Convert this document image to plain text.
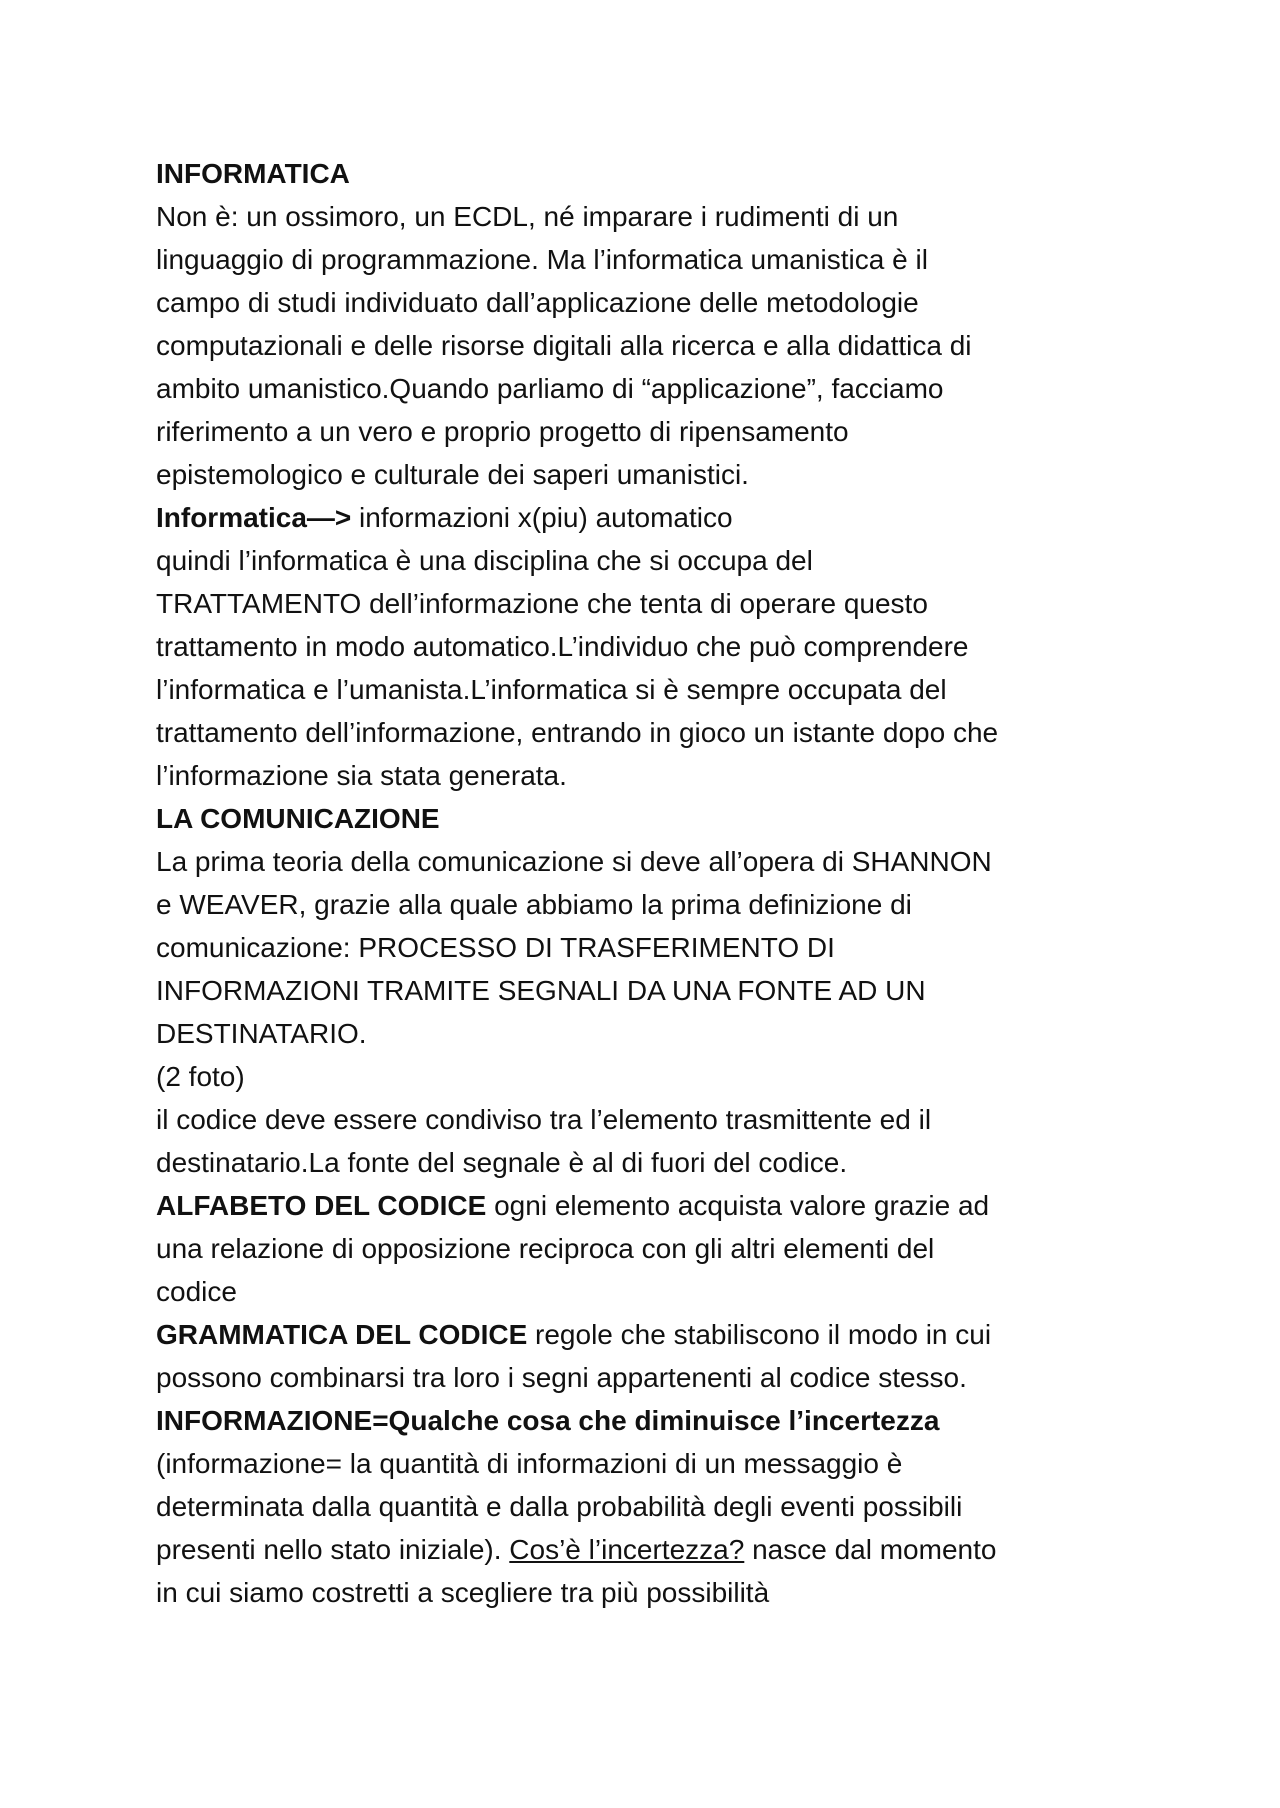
INFORMATICA
Non è: un ossimoro, un ECDL, né imparare i rudimenti di un
linguaggio di programmazione. Ma l’informatica umanistica è il
campo di studi individuato dall’applicazione delle metodologie
computazionali e delle risorse digitali alla ricerca e alla didattica di
ambito umanistico.Quando parliamo di “applicazione”, facciamo
riferimento a un vero e proprio progetto di ripensamento
epistemologico e culturale dei saperi umanistici.
Informatica—> informazioni x(piu) automatico
quindi l’informatica è una disciplina che si occupa del
TRATTAMENTO dell’informazione che tenta di operare questo
trattamento in modo automatico.L’individuo che può comprendere
l’informatica e l’umanista.L’informatica si è sempre occupata del
trattamento dell’informazione, entrando in gioco un istante dopo che
l’informazione sia stata generata.
LA COMUNICAZIONE
La prima teoria della comunicazione si deve all’opera di SHANNON
e WEAVER, grazie alla quale abbiamo la prima definizione di
comunicazione: PROCESSO DI TRASFERIMENTO DI
INFORMAZIONI TRAMITE SEGNALI DA UNA FONTE AD UN
DESTINATARIO.
(2 foto)
il codice deve essere condiviso tra l’elemento trasmittente ed il
destinatario.La fonte del segnale è al di fuori del codice.
ALFABETO DEL CODICE ogni elemento acquista valore grazie ad
una relazione di opposizione reciproca con gli altri elementi del
codice
GRAMMATICA DEL CODICE regole che stabiliscono il modo in cui
possono combinarsi tra loro i segni appartenenti al codice stesso.
INFORMAZIONE=Qualche cosa che diminuisce l’incertezza
(informazione= la quantità di informazioni di un messaggio è
determinata dalla quantità e dalla probabilità degli eventi possibili
presenti nello stato iniziale). Cos’è l’incertezza? nasce dal momento
in cui siamo costretti a scegliere tra più possibilità
